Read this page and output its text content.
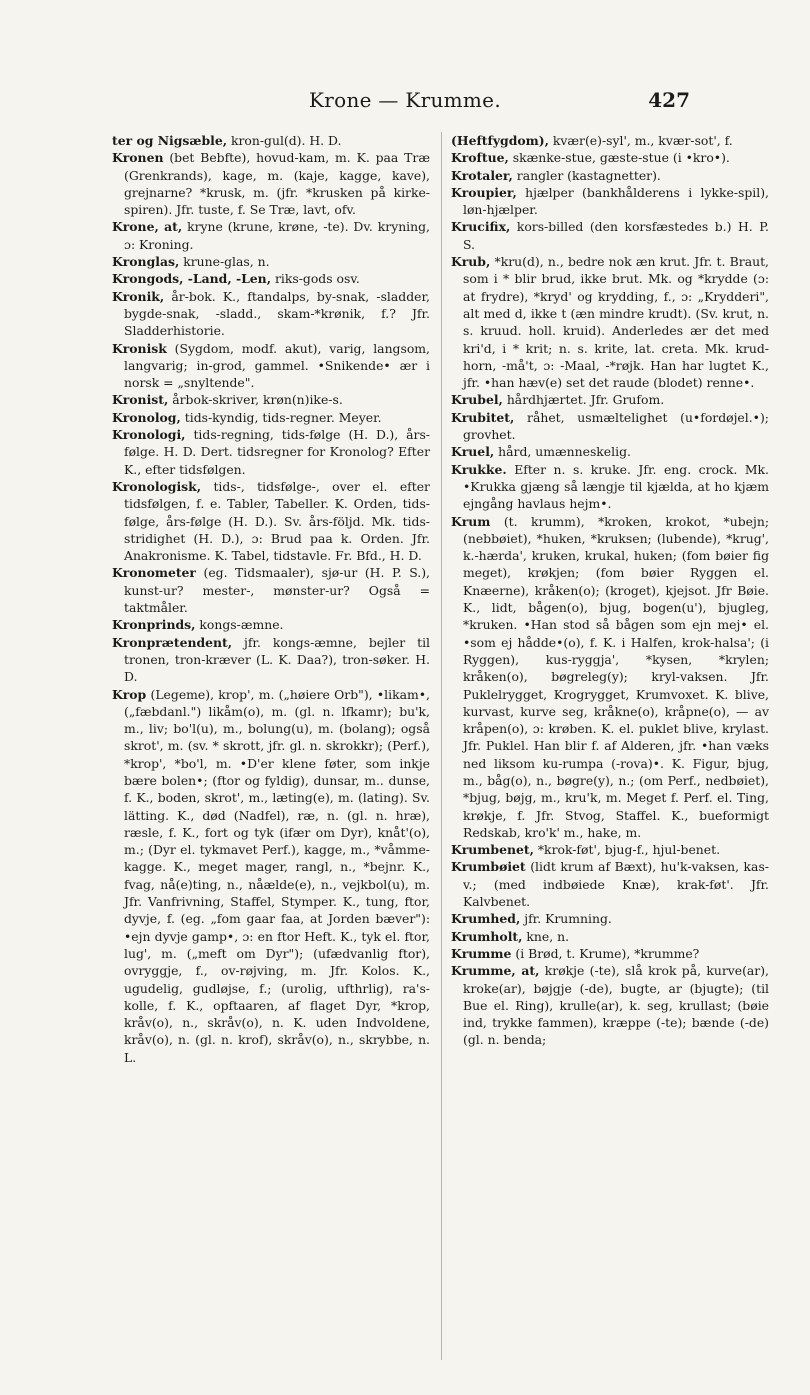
Krone — Krumme.	427
ter og Nigsæble, kron-gul(d). H. D.
Kronen (bet Bebfte), hovud-kam, m. K. paa Træ (Grenkrands), kage, m. (kaje, kagge, kave), grejnarne? *krusk, m. (jfr. *krusken på kirke-spiren). Jfr. tuste, f. Se Træ, lavt, ofv.
Krone, at, kryne (krune, krøne, -te). Dv. kryning, ɔ: Kroning.
Kronglas, krune-glas, n.
Krongods, -Land, -Len, riks-gods osv.
Kronik, år-bok. K., ftandalps, by-snak, -sladder, bygde-snak, -sladd., skam-*krønik, f.? Jfr. Sladderhistorie.
Kronisk (Sygdom, modf. akut), varig, langsom, langvarig; in-grod, gammel. •Snikende• ær i norsk = „snyltende".
Kronist, årbok-skriver, krøn(n)ike-s.
Kronolog, tids-kyndig, tids-regner. Meyer.
Kronologi, tids-regning, tids-følge (H. D.), års-følge. H. D. Dert. tidsregner for Kronolog? Efter K., efter tidsfølgen.
Kronologisk, tids-, tidsfølge-, over el. efter tidsfølgen, f. e. Tabler, Tabeller. K. Orden, tids-følge, års-følge (H. D.). Sv. års-följd. Mk. tids-stridighet (H. D.), ɔ: Brud paa k. Orden. Jfr. Anakronisme. K. Tabel, tidstavle. Fr. Bfd., H. D.
Kronometer (eg. Tidsmaaler), sjø-ur (H. P. S.), kunst-ur? mester-, mønster-ur? Også = taktmåler.
Kronprinds, kongs-æmne.
Kronprætendent, jfr. kongs-æmne, bejler til tronen, tron-kræver (L. K. Daa?), tron-søker. H. D.
Krop (Legeme), krop', m. („høiere Orb"), •likam•, („fæbdanl.") likåm(o), m. (gl. n. lfkamr); bu'k, m., liv; bo'l(u), m., bolung(u), m. (bolang); også skrot', m. (sv. * skrott, jfr. gl. n. skrokkr); (Perf.), *krop', *bo'l, m. •D'er klene føter, som inkje bære bolen•; (ftor og fyldig), dunsar, m.. dunse, f. K., boden, skrot', m., læting(e), m. (lating). Sv. lätting. K., død (Nadfel), ræ, n. (gl. n. hræ), ræsle, f. K., fort og tyk (ifær om Dyr), knåt'(o), m.; (Dyr el. tykmavet Perf.), kagge, m., *våmme-kagge. K., meget mager, rangl, n., *bejnr. K., fvag, nå(e)ting, n., nåælde(e), n., vejkbol(u), m. Jfr. Vanfrivning, Staffel, Stymper. K., tung, ftor, dyvje, f. (eg. „fom gaar faa, at Jorden bæver"): •ejn dyvje gamp•, ɔ: en ftor Heft. K., tyk el. ftor, lug', m. („meft om Dyr"); (ufædvanlig ftor), ovryggje, f., ov-røjving, m. Jfr. Kolos. K., ugudelig, gudløjse, f.; (urolig, ufthrlig), ra's-kolle, f. K., opftaaren, af flaget Dyr, *krop, kråv(o), n., skråv(o), n. K. uden Indvoldene, kråv(o), n. (gl. n. krof), skråv(o), n., skrybbe, n. L.
(Heftfygdom), kvær(e)-syl', m., kvær-sot', f.
Kroftue, skænke-stue, gæste-stue (i •kro•).
Krotaler, rangler (kastagnetter).
Kroupier, hjælper (bankhålderens i lykke-spil), løn-hjælper.
Krucifix, kors-billed (den korsfæstedes b.) H. P. S.
Krub, *kru(d), n., bedre nok æn krut. Jfr. t. Braut, som i * blir brud, ikke brut. Mk. og *krydde (ɔ: at frydre), *kryd' og krydding, f., ɔ: „Krydderi", alt med d, ikke t (æn mindre krudt). (Sv. krut, n. s. kruud. holl. kruid). Anderledes ær det med kri'd, i * krit; n. s. krite, lat. creta. Mk. krud-horn, -må't, ɔ: -Maal, -*røjk. Han har lugtet K., jfr. •han hæv(e) set det raude (blodet) renne•.
Krubel, hårdhjærtet. Jfr. Grufom.
Krubitet, råhet, usmæltelighet (u•fordøjel.•); grovhet.
Kruel, hård, umænneskelig.
Krukke. Efter n. s. kruke. Jfr. eng. crock. Mk. •Krukka gjæng så længje til kjælda, at ho kjæm ejngång havlaus hejm•.
Krum (t. krumm), *kroken, krokot, *ubejn; (nebbøiet), *huken, *kruksen; (lubende), *krug', k.-hærda', kruken, krukal, huken; (fom bøier fig meget), krøkjen; (fom bøier Ryggen el. Knæerne), kråken(o); (kroget), kjejsot. Jfr Bøie. K., lidt, bågen(o), bjug, bogen(u'), bjugleg, *kruken. •Han stod så bågen som ejn mej• el. •som ej hådde•(o), f. K. i Halfen, krok-halsa'; (i Ryggen), kus-ryggja', *kysen, *krylen; kråken(o), bøgreleg(y); kryl-vaksen. Jfr. Puklelrygget, Krogrygget, Krumvoxet. K. blive, kurvast, kurve seg, kråkne(o), kråpne(o), — av kråpen(o), ɔ: krøben. K. el. puklet blive, krylast. Jfr. Puklel. Han blir f. af Alderen, jfr. •han væks ned liksom ku-rumpa (-rova)•. K. Figur, bjug, m., båg(o), n., bøgre(y), n.; (om Perf., nedbøiet), *bjug, bøjg, m., kru'k, m. Meget f. Perf. el. Ting, krøkje, f. Jfr. Stvog, Staffel. K., bueformigt Redskab, kro'k' m., hake, m.
Krumbenet, *krok-føt', bjug-f., hjul-benet.
Krumbøiet (lidt krum af Bæxt), hu'k-vaksen, kas-v.; (med indbøiede Knæ), krak-føt'. Jfr. Kalvbenet.
Krumhed, jfr. Krumning.
Krumholt, kne, n.
Krumme (i Brød, t. Krume), *krumme?
Krumme, at, krøkje (-te), slå krok på, kurve(ar), kroke(ar), bøjgje (-de), bugte, ar (bjugte); (til Bue el. Ring), krulle(ar), k. seg, krullast; (bøie ind, trykke fammen), kræppe (-te); bænde (-de) (gl. n. benda;
